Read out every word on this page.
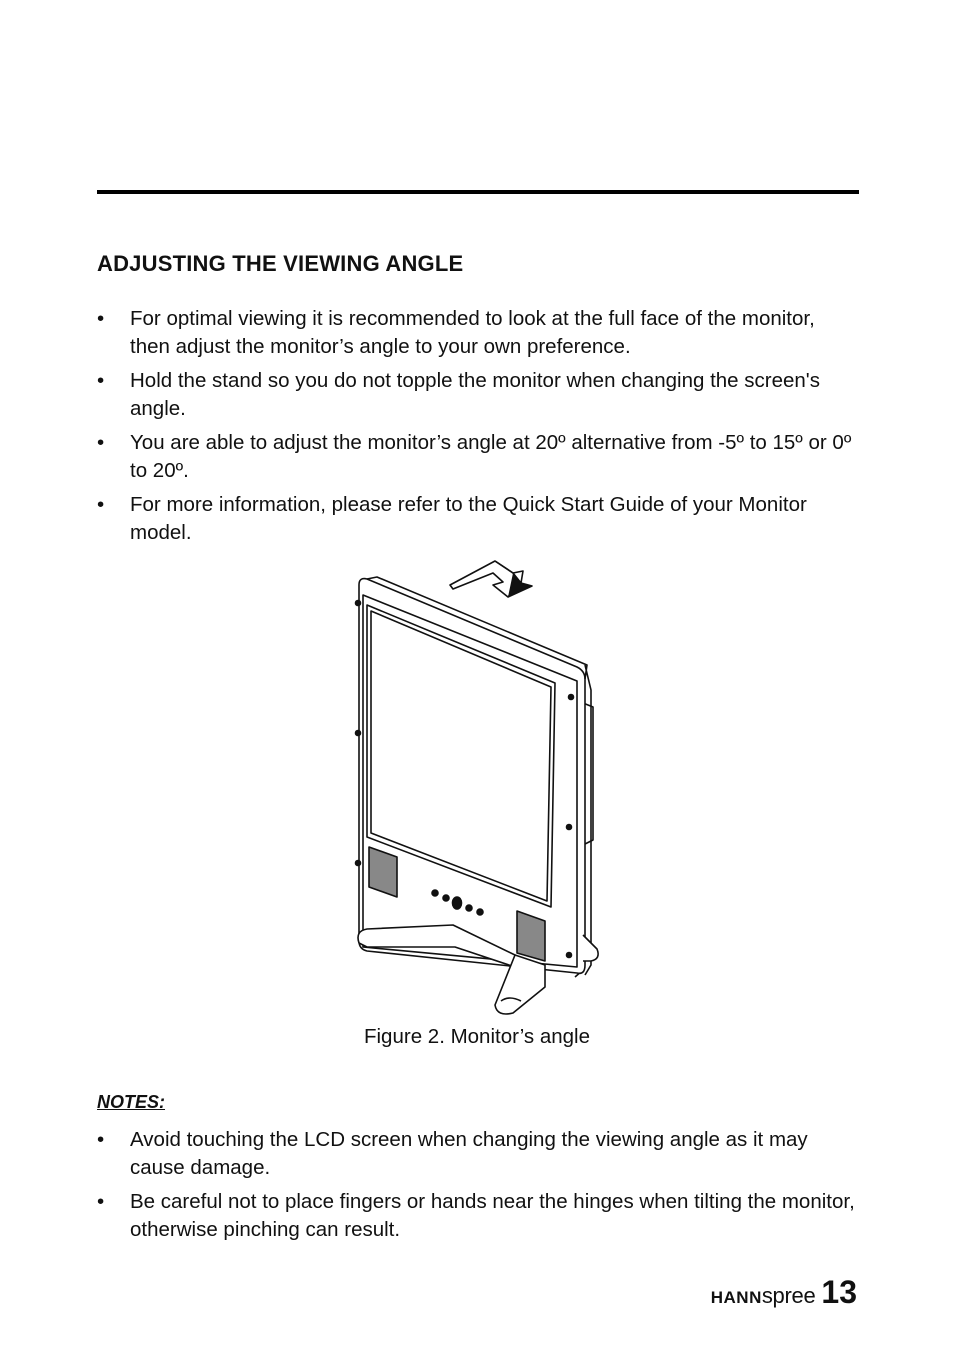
ADJUSTING THE VIEWING ANGLE
•	For optimal viewing it is recommended to look at the full face of the monitor, then adjust the monitor’s angle to your own preference.
•	Hold the stand so you do not topple the monitor when changing the screen's angle.
•	You are able to adjust the monitor’s angle at 20º alternative from -5º to 15º or 0º to 20º.
•	For more information, please refer to the Quick Start Guide of your Monitor model.
Figure 2. Monitor’s angle
NOTES:
•	Avoid touching the LCD screen when changing the viewing angle as it may cause damage.
•	Be careful not to place fingers or hands near the hinges when tilting the monitor, otherwise pinching can result.
HANN spree 13
